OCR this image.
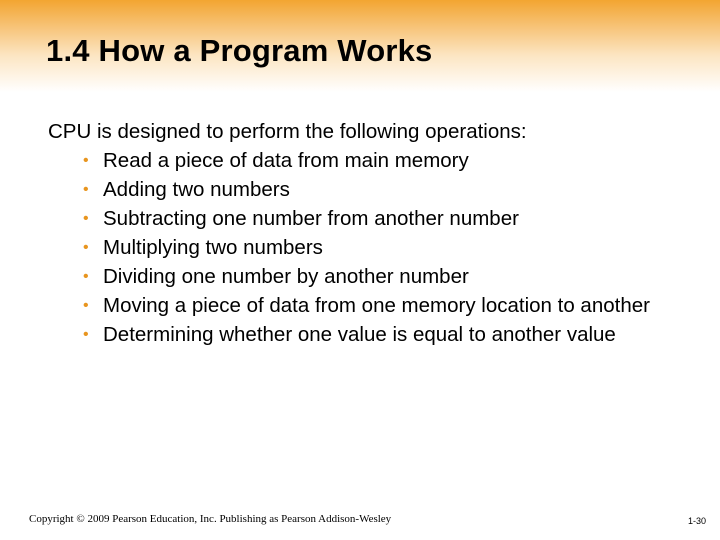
1.4 How a Program Works

CPU is designed to perform the following operations:

• Read a piece of data from main memory
• Adding two numbers
• Subtracting one number from another number
• Multiplying two numbers
• Dividing one number by another number
• Moving a piece of data from one memory location to another
• Determining whether one value is equal to another value
Copyright © 2009 Pearson Education, Inc. Publishing as Pearson Addison-Wesley	1-30
